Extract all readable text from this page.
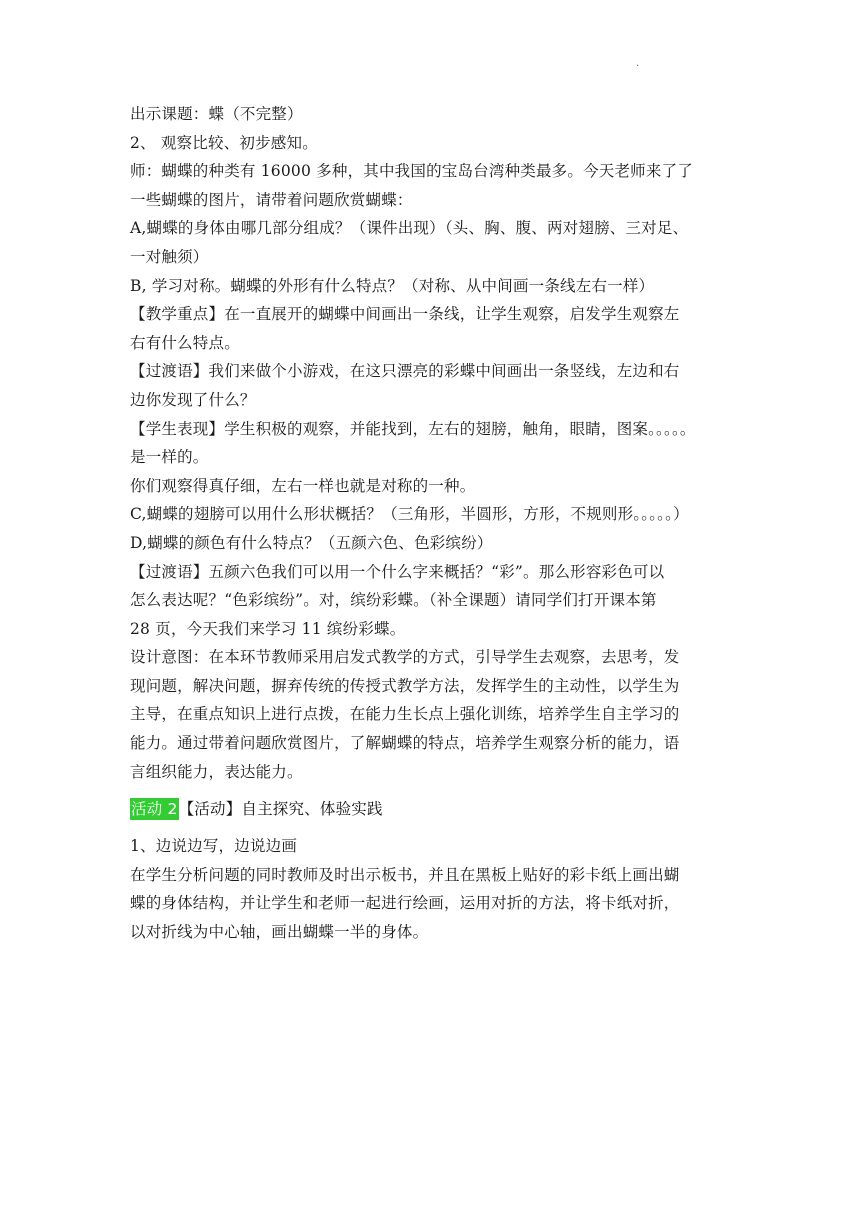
.
出示课题：蝶（不完整）
2、 观察比较、初步感知。
师：蝴蝶的种类有 16000 多种，其中我国的宝岛台湾种类最多。今天老师来了了
一些蝴蝶的图片，请带着问题欣赏蝴蝶：
A,蝴蝶的身体由哪几部分组成？（课件出现）（头、胸、腹、两对翅膀、三对足、
一对触须）
B, 学习对称。蝴蝶的外形有什么特点？（对称、从中间画一条线左右一样）
【教学重点】在一直展开的蝴蝶中间画出一条线，让学生观察，启发学生观察左
右有什么特点。
【过渡语】我们来做个小游戏，在这只漂亮的彩蝶中间画出一条竖线，左边和右
边你发现了什么？
【学生表现】学生积极的观察，并能找到，左右的翅膀，触角，眼睛，图案。。。。。
是一样的。
你们观察得真仔细，左右一样也就是对称的一种。
C,蝴蝶的翅膀可以用什么形状概括？（三角形，半圆形，方形，不规则形。。。。。）
D,蝴蝶的颜色有什么特点？（五颜六色、色彩缤纷）
【过渡语】五颜六色我们可以用一个什么字来概括？“彩”。那么形容彩色可以
怎么表达呢？“色彩缤纷”。对，缤纷彩蝶。（补全课题）请同学们打开课本第
28 页，今天我们来学习 11 缤纷彩蝶。
设计意图：在本环节教师采用启发式教学的方式，引导学生去观察，去思考，发
现问题，解决问题，摒弃传统的传授式教学方法，发挥学生的主动性，以学生为
主导，在重点知识上进行点拨，在能力生长点上强化训练，培养学生自主学习的
能力。通过带着问题欣赏图片，了解蝴蝶的特点，培养学生观察分析的能力，语
言组织能力，表达能力。
活动 2【活动】自主探究、体验实践
1、边说边写，边说边画
在学生分析问题的同时教师及时出示板书，并且在黑板上贴好的彩卡纸上画出蝴
蝶的身体结构，并让学生和老师一起进行绘画，运用对折的方法，将卡纸对折，
以对折线为中心轴，画出蝴蝶一半的身体。
